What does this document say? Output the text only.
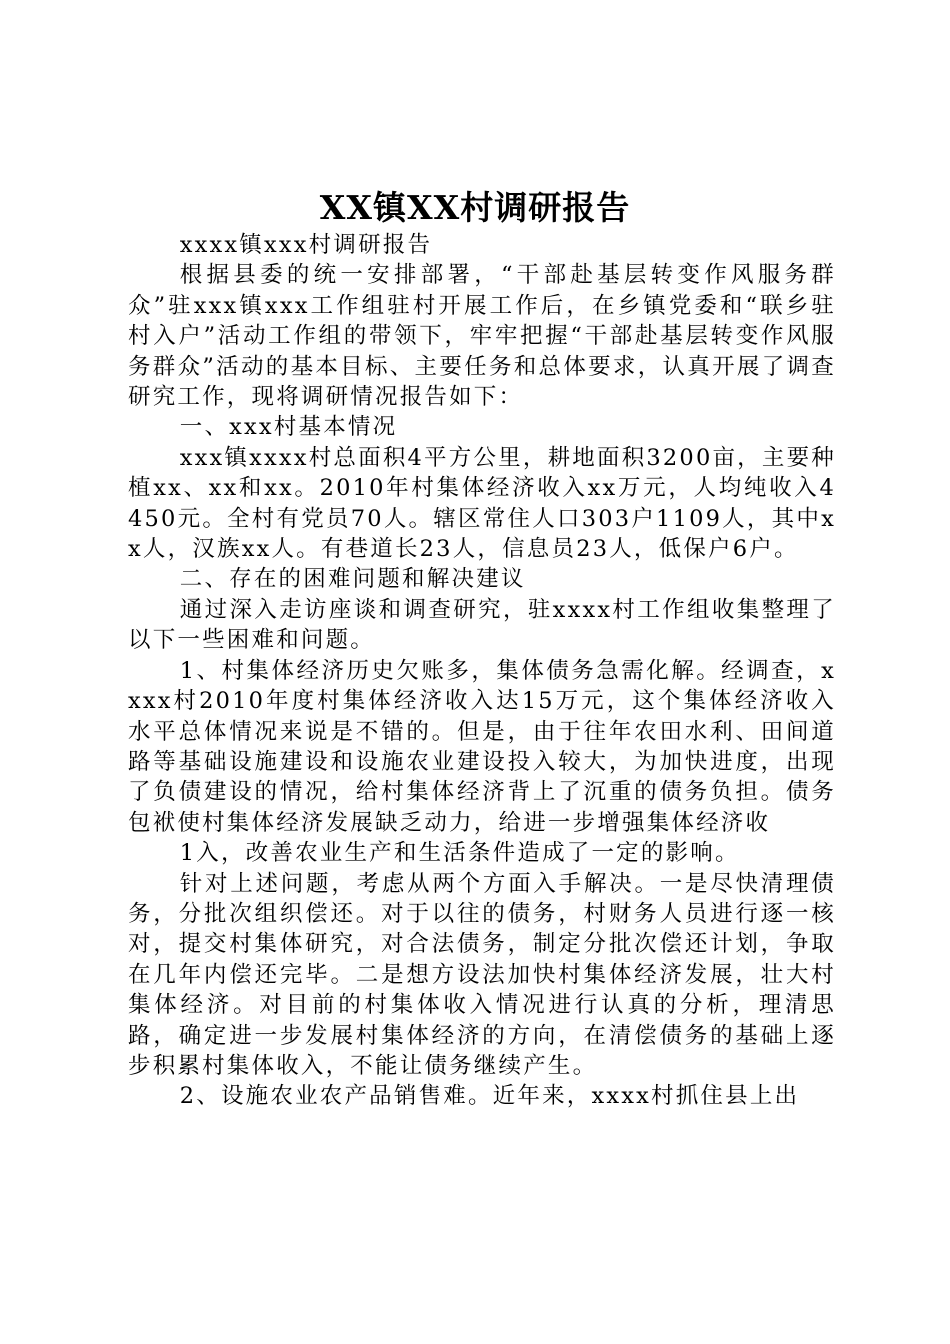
XX镇XX村调研报告

xxxx镇xxx村调研报告

根据县委的统一安排部署，“干部赴基层转变作风服务群众”驻xxx镇xxx工作组驻村开展工作后，在乡镇党委和“联乡驻村入户”活动工作组的带领下，牢牢把握“干部赴基层转变作风服务群众”活动的基本目标、主要任务和总体要求，认真开展了调查研究工作，现将调研情况报告如下：

一、xxx村基本情况

xxx镇xxxx村总面积4平方公里，耕地面积3200亩，主要种植xx、xx和xx。2010年村集体经济收入xx万元，人均纯收入4450元。全村有党员70人。辖区常住人口303户1109人，其中xx人，汉族xx人。有巷道长23人，信息员23人，低保户6户。

二、存在的困难问题和解决建议

通过深入走访座谈和调查研究，驻xxxx村工作组收集整理了以下一些困难和问题。

1、村集体经济历史欠账多，集体债务急需化解。经调查，xxxx村2010年度村集体经济收入达15万元，这个集体经济收入水平总体情况来说是不错的。但是，由于往年农田水利、田间道路等基础设施建设和设施农业建设投入较大，为加快进度，出现了负债建设的情况，给村集体经济背上了沉重的债务负担。债务包袱使村集体经济发展缺乏动力，给进一步增强集体经济收

1入，改善农业生产和生活条件造成了一定的影响。

针对上述问题，考虑从两个方面入手解决。一是尽快清理债务，分批次组织偿还。对于以往的债务，村财务人员进行逐一核对，提交村集体研究，对合法债务，制定分批次偿还计划，争取在几年内偿还完毕。二是想方设法加快村集体经济发展，壮大村集体经济。对目前的村集体收入情况进行认真的分析，理清思路，确定进一步发展村集体经济的方向，在清偿债务的基础上逐步积累村集体收入，不能让债务继续产生。

2、设施农业农产品销售难。近年来，xxxx村抓住县上出
